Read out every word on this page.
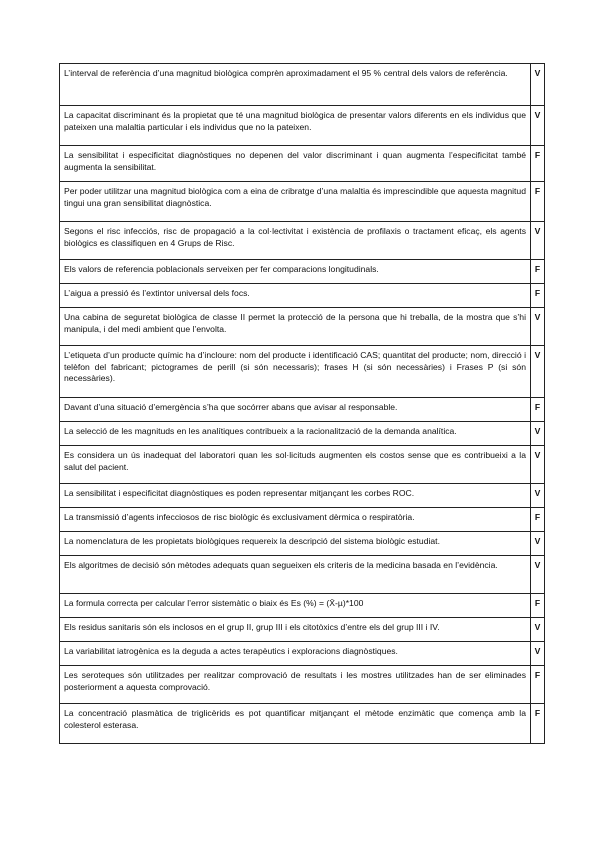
L’interval de referència d’una magnitud biològica comprèn aproximadament el 95 % central dels valors de referència.	V
La capacitat discriminant és la propietat que té una magnitud biològica de presentar valors diferents en els individus que pateixen una malaltia particular i els individus que no la pateixen.	V
La sensibilitat i especificitat diagnòstiques no depenen del valor discriminant i quan augmenta l’especificitat també augmenta la sensibilitat.	F
Per poder utilitzar una magnitud biològica com a eina de cribratge d’una malaltia és imprescindible que aquesta magnitud tingui una gran sensibilitat diagnòstica.	F
Segons el risc infecciós, risc de propagació a la col·lectivitat i existència de profilaxis o tractament eficaç, els agents biològics es classifiquen en 4 Grups de Risc.	V
Els valors de referencia poblacionals serveixen per fer comparacions longitudinals.	F
L’aigua a pressió és l’extintor universal dels focs.	F
Una cabina de seguretat biològica de classe II permet la protecció de la persona que hi treballa, de la mostra que s’hi manipula, i del medi ambient que l’envolta.	V
L’etiqueta d’un producte químic ha d’incloure: nom del producte i identificació CAS; quantitat del producte; nom, direcció i telèfon del fabricant; pictogrames de perill (si són necessaris); frases H (si són necessàries) i Frases P (si són necessàries).	V
Davant d’una situació d’emergència s’ha que socórrer abans que avisar al responsable.	F
La selecció de les magnituds en les analítiques contribueix a la racionalització de la demanda analítica.	V
Es considera un ús inadequat del laboratori quan les sol·licituds augmenten els costos sense que es contribueixi a la salut del pacient.	V
La sensibilitat i especificitat diagnòstiques es poden representar mitjançant les corbes ROC.	V
La transmissió d’agents infecciosos de risc biològic és exclusivament dèrmica o respiratòria.	F
La nomenclatura de les propietats biològiques requereix la descripció del sistema biològic estudiat.	V
Els algoritmes de decisió són mètodes adequats quan segueixen els criteris de la medicina basada en l’evidència.	V
La formula correcta per calcular l’error sistemàtic o biaix és Es (%) = (X̄-µ)*100	F
Els residus sanitaris són els inclosos en el grup II, grup III i els citotòxics d’entre els del grup III i IV.	V
La variabilitat iatrogènica es la deguda a actes terapèutics i exploracions diagnòstiques.	V
Les seroteques són utilitzades per realitzar comprovació de resultats i les mostres utilitzades han de ser eliminades posteriorment a aquesta comprovació.	F
La concentració plasmàtica de triglicèrids es pot quantificar mitjançant el mètode enzimàtic que comença amb la colesterol esterasa.	F
